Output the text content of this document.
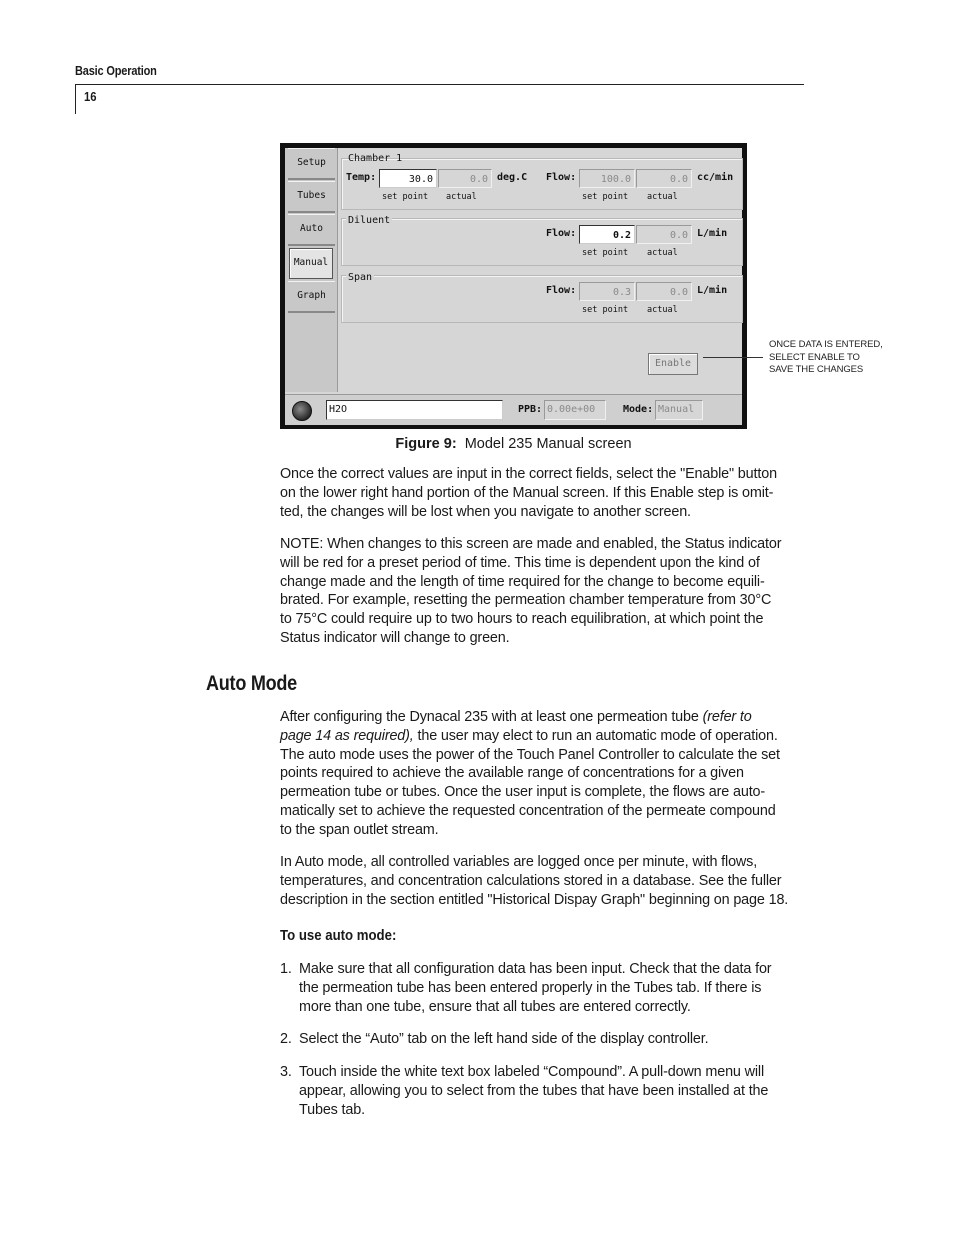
Basic Operation
16
Setup
Tubes
Auto
Manual
Graph
Chamber 1
Temp:	30.0	0.0 deg.C
set point actual
Flow:	100.0	0.0 cc/min
set point actual
Diluent
Flow:	0.2	0.0 L/min
set point actual
Span
Flow:	0.3	0.0 L/min
set point actual
Enable
H2O	PPB: 0.00e+00	Mode: Manual
ONCE DATA IS ENTERED,
SELECT ENABLE TO
SAVE THE CHANGES
Figure 9: Model 235 Manual screen
Once the correct values are input in the correct fields, select the "Enable" button
on the lower right hand portion of the Manual screen. If this Enable step is omit-
ted, the changes will be lost when you navigate to another screen.
NOTE: When changes to this screen are made and enabled, the Status indicator
will be red for a preset period of time. This time is dependent upon the kind of
change made and the length of time required for the change to become equili-
brated. For example, resetting the permeation chamber temperature from 30°C
to 75°C could require up to two hours to reach equilibration, at which point the
Status indicator will change to green.
Auto Mode
After configuring the Dynacal 235 with at least one permeation tube (refer to
page 14 as required), the user may elect to run an automatic mode of operation.
The auto mode uses the power of the Touch Panel Controller to calculate the set
points required to achieve the available range of concentrations for a given
permeation tube or tubes. Once the user input is complete, the flows are auto-
matically set to achieve the requested concentration of the permeate compound
to the span outlet stream.
In Auto mode, all controlled variables are logged once per minute, with flows,
temperatures, and concentration calculations stored in a database. See the fuller
description in the section entitled "Historical Dispay Graph" beginning on page 18.
To use auto mode:
1. Make sure that all configuration data has been input. Check that the data for
the permeation tube has been entered properly in the Tubes tab. If there is
more than one tube, ensure that all tubes are entered correctly.
2. Select the “Auto” tab on the left hand side of the display controller.
3. Touch inside the white text box labeled “Compound”. A pull-down menu will
appear, allowing you to select from the tubes that have been installed at the
Tubes tab.
